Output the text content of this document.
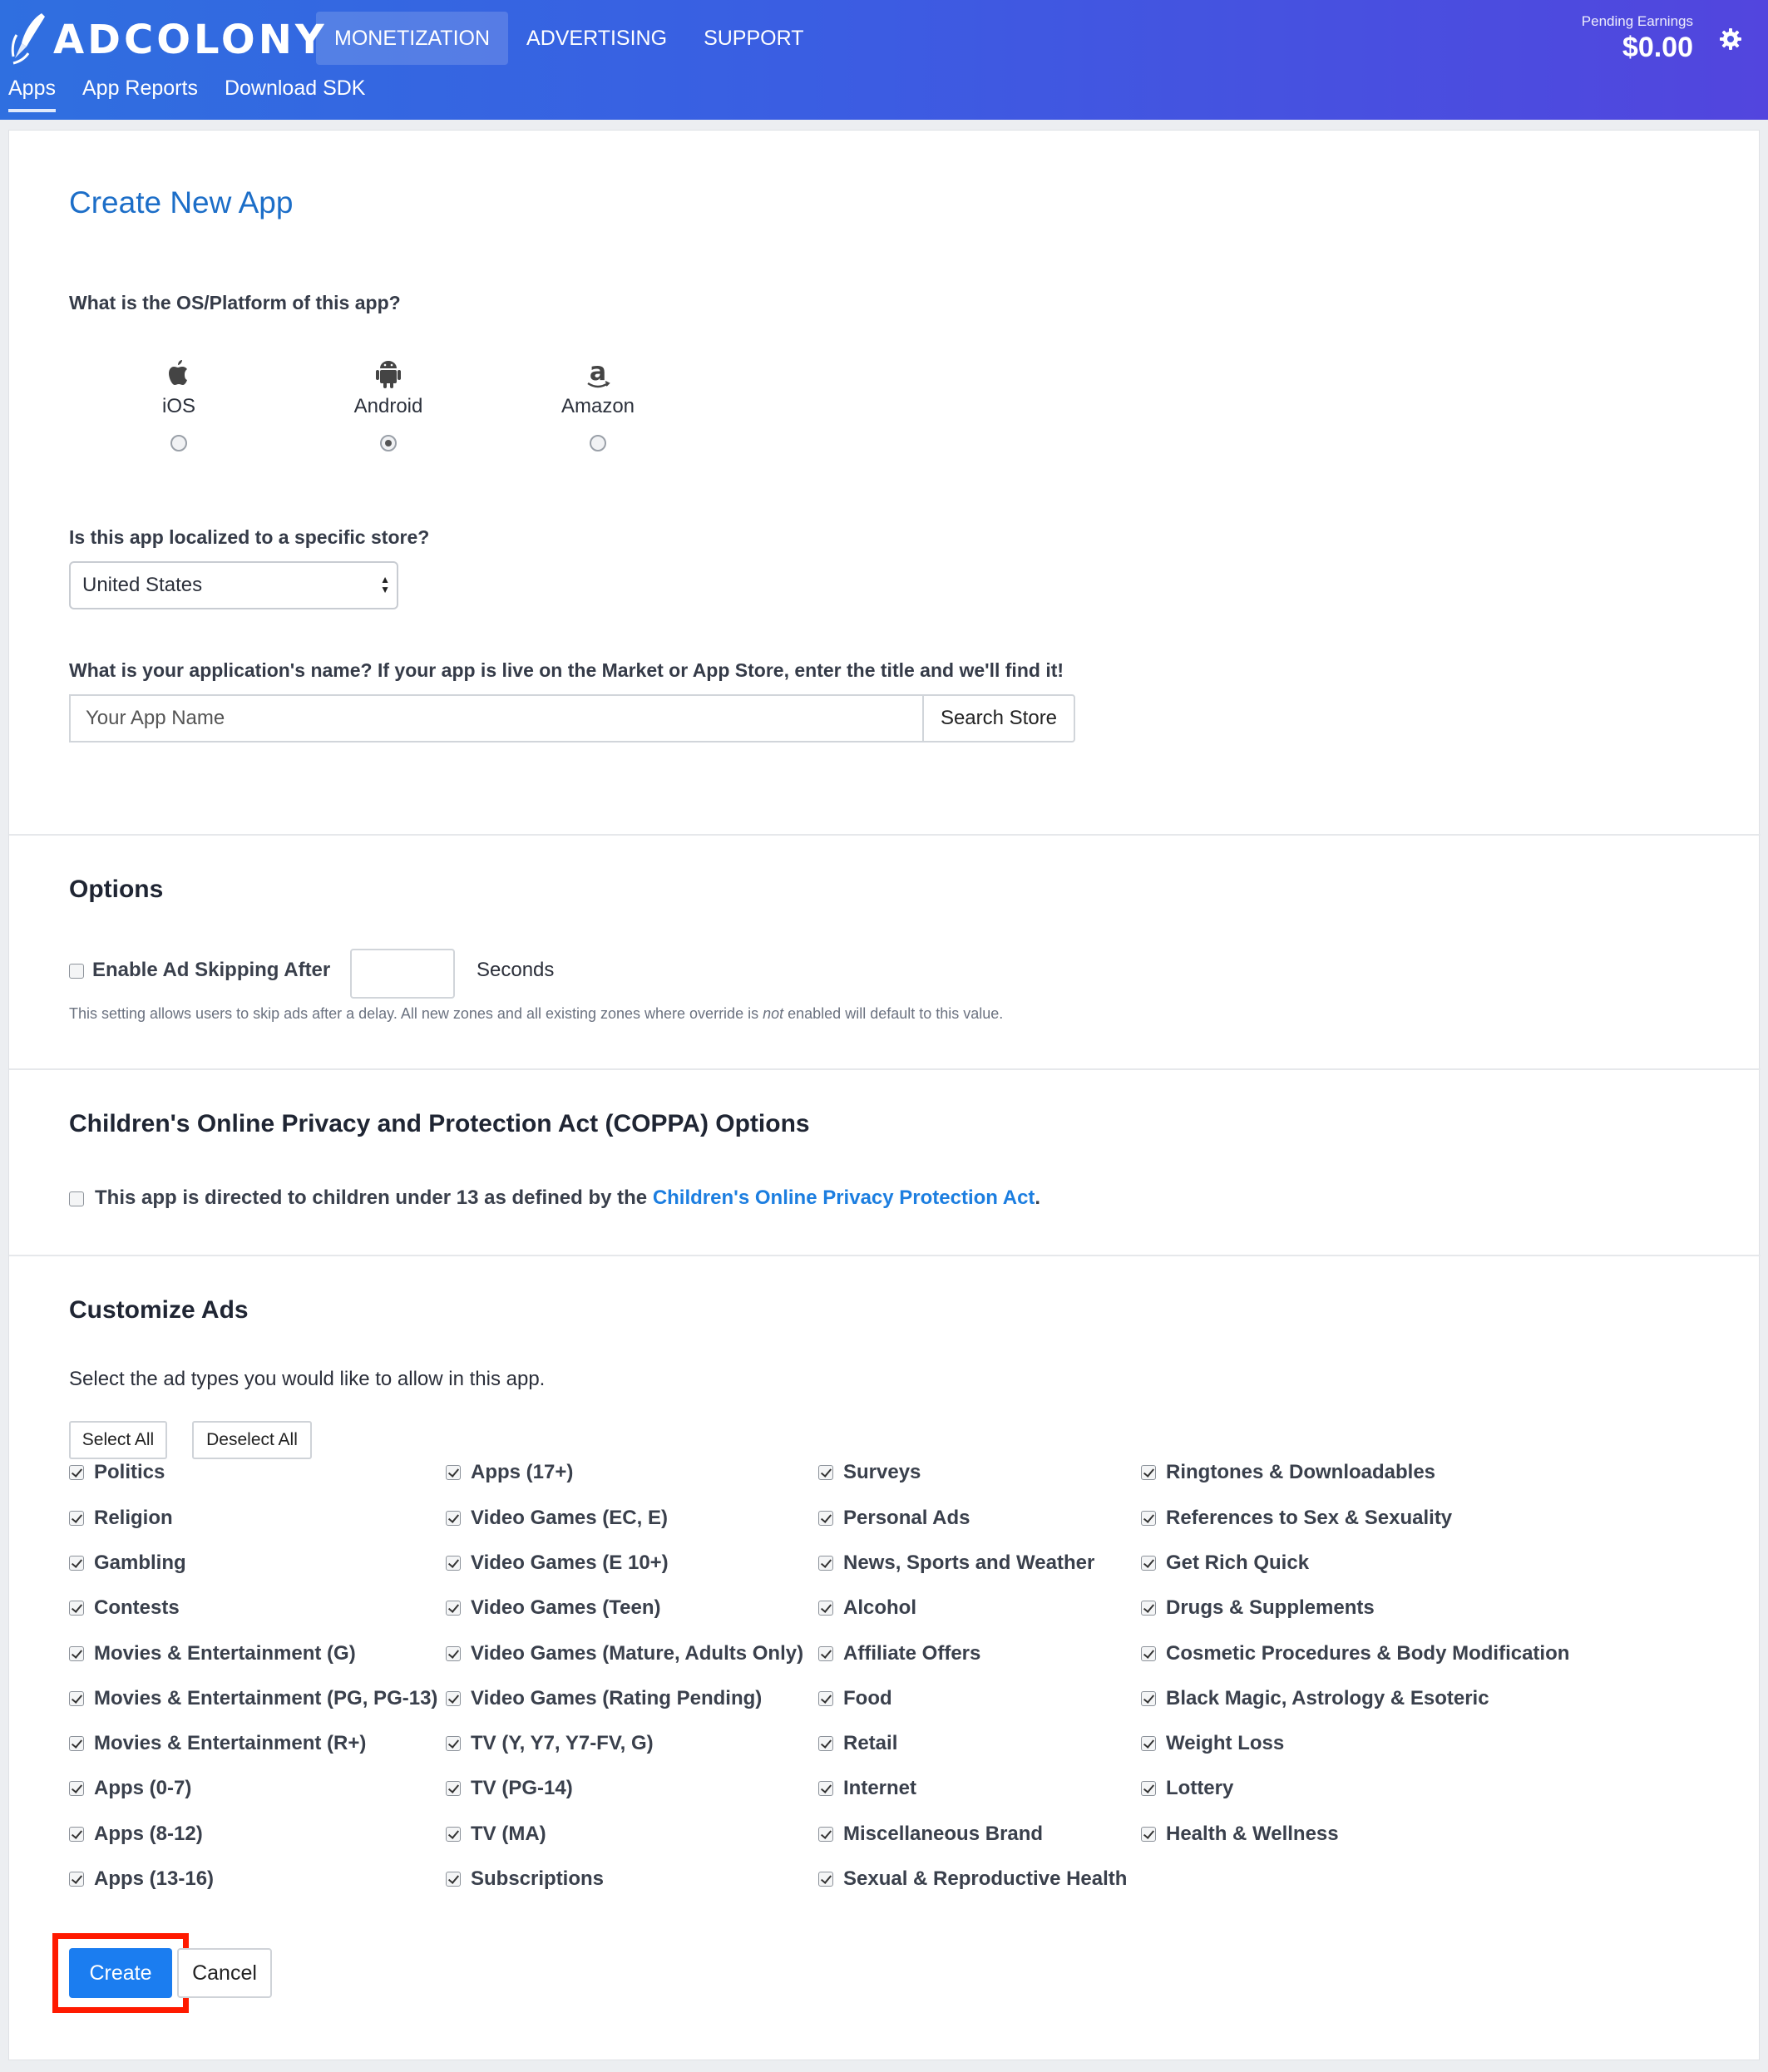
ADCOLONY MONETIZATION	ADVERTISING	SUPPORT
Apps App Reports Download SDK
Pending Earnings
$0.00
Create New App
What is the OS/Platform of this app?
iOS	Android
a
Amazon
Is this app localized to a specific store?
United States	▲
▼
What is your application's name? If your app is live on the Market or App Store, enter the title and we'll find it!
Your App Name	Search Store
Options
Enable Ad Skipping After	Seconds
This setting allows users to skip ads after a delay. All new zones and all existing zones where override is not enabled will default to this value.
Children's Online Privacy and Protection Act (COPPA) Options
This app is directed to children under 13 as defined by the Children's Online Privacy Protection Act.
Customize Ads
Select the ad types you would like to allow in this app.
Select All	Deselect All
Politics
Religion
Gambling
Contests
Movies & Entertainment (G)
Movies & Entertainment (PG, PG-13)
Movies & Entertainment (R+)
Apps (0-7)
Apps (8-12)
Apps (13-16)
Apps (17+)
Video Games (EC, E)
Video Games (E 10+)
Video Games (Teen)
Video Games (Mature, Adults Only)
Video Games (Rating Pending)
TV (Y, Y7, Y7-FV, G)
TV (PG-14)
TV (MA)
Subscriptions
Surveys
Personal Ads
News, Sports and Weather
Alcohol
Affiliate Offers
Food
Retail
Internet
Miscellaneous Brand
Sexual & Reproductive Health
Ringtones & Downloadables
References to Sex & Sexuality
Get Rich Quick
Drugs & Supplements
Cosmetic Procedures & Body Modification
Black Magic, Astrology & Esoteric
Weight Loss
Lottery
Health & Wellness
Create	Cancel
